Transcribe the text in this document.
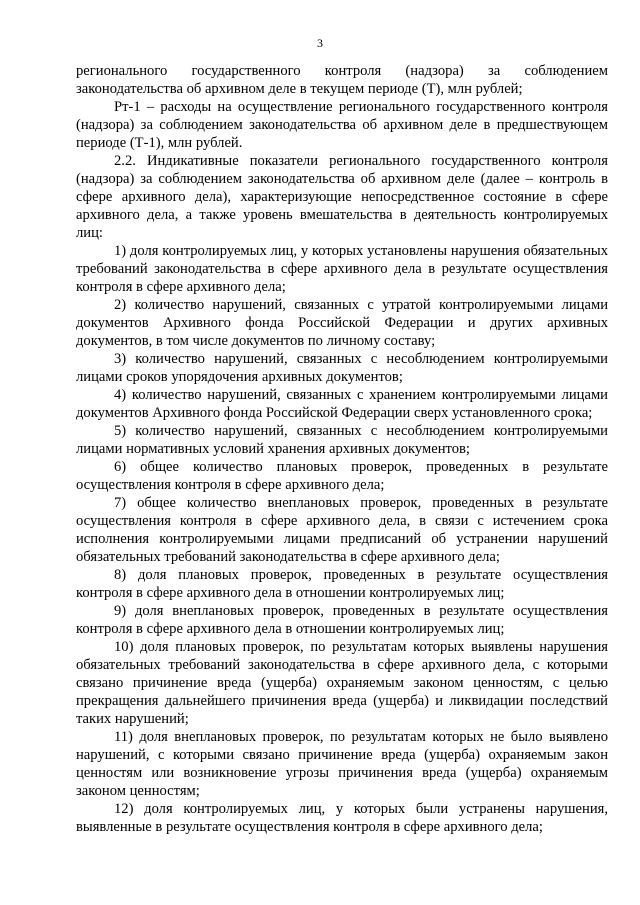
3

регионального государственного контроля (надзора) за соблюдением законодательства об архивном деле в текущем периоде (Т), млн рублей;

Рт-1 – расходы на осуществление регионального государственного контроля (надзора) за соблюдением законодательства об архивном деле в предшествующем периоде (Т-1), млн рублей.

2.2. Индикативные показатели регионального государственного контроля (надзора) за соблюдением законодательства об архивном деле (далее – контроль в сфере архивного дела), характеризующие непосредственное состояние в сфере архивного дела, а также уровень вмешательства в деятельность контролируемых лиц:

1) доля контролируемых лиц, у которых установлены нарушения обязательных требований законодательства в сфере архивного дела в результате осуществления контроля в сфере архивного дела;

2) количество нарушений, связанных с утратой контролируемыми лицами документов Архивного фонда Российской Федерации и других архивных документов, в том числе документов по личному составу;

3) количество нарушений, связанных с несоблюдением контролируемыми лицами сроков упорядочения архивных документов;

4) количество нарушений, связанных с хранением контролируемыми лицами документов Архивного фонда Российской Федерации сверх установленного срока;

5) количество нарушений, связанных с несоблюдением контролируемыми лицами нормативных условий хранения архивных документов;

6) общее количество плановых проверок, проведенных в результате осуществления контроля в сфере архивного дела;

7) общее количество внеплановых проверок, проведенных в результате осуществления контроля в сфере архивного дела, в связи с истечением срока исполнения контролируемыми лицами предписаний об устранении нарушений обязательных требований законодательства в сфере архивного дела;

8) доля плановых проверок, проведенных в результате осуществления контроля в сфере архивного дела в отношении контролируемых лиц;

9) доля внеплановых проверок, проведенных в результате осуществления контроля в сфере архивного дела в отношении контролируемых лиц;

10) доля плановых проверок, по результатам которых выявлены нарушения обязательных требований законодательства в сфере архивного дела, с которыми связано причинение вреда (ущерба) охраняемым законом ценностям, с целью прекращения дальнейшего причинения вреда (ущерба) и ликвидации последствий таких нарушений;

11) доля внеплановых проверок, по результатам которых не было выявлено нарушений, с которыми связано причинение вреда (ущерба) охраняемым закон ценностям или возникновение угрозы причинения вреда (ущерба) охраняемым законом ценностям;

12) доля контролируемых лиц, у которых были устранены нарушения, выявленные в результате осуществления контроля в сфере архивного дела;
